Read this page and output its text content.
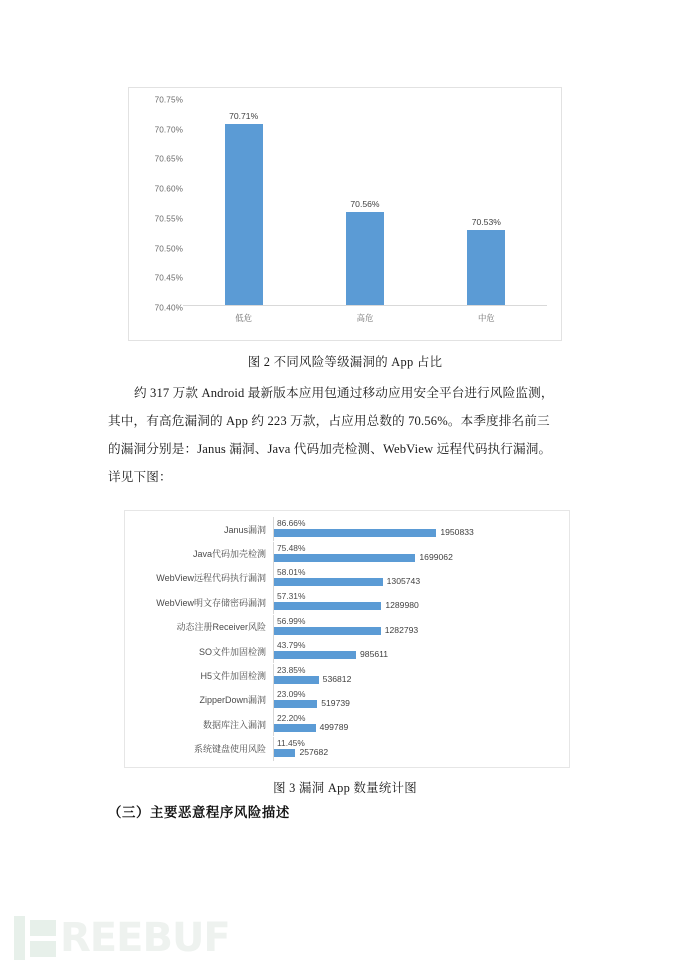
70.75%
70.70%
70.65%
70.60%
70.55%
70.50%
70.45%
70.40%
70.71%
70.56%
70.53%
低危	高危	中危
图 2 不同风险等级漏洞的 App 占比
约 317 万款 Android 最新版本应用包通过移动应用安全平台进行风险监测，
其中，有高危漏洞的 App 约 223 万款，占应用总数的 70.56%。本季度排名前三
的漏洞分别是：Janus 漏洞、Java 代码加壳检测、WebView 远程代码执行漏洞。
详见下图：
Janus漏洞
86.66%
1950833
Java代码加壳检测
75.48%
1699062
WebView远程代码执行漏洞
58.01%
1305743
WebView明文存储密码漏洞
57.31%
1289980
动态注册Receiver风险
56.99%
1282793
SO文件加固检测
43.79%
985611
H5文件加固检测
23.85%
536812
ZipperDown漏洞
23.09%
519739
数据库注入漏洞
22.20%
499789
系统键盘使用风险
11.45%
257682
图 3 漏洞 App 数量统计图
（三）主要恶意程序风险描述
REEBUF
